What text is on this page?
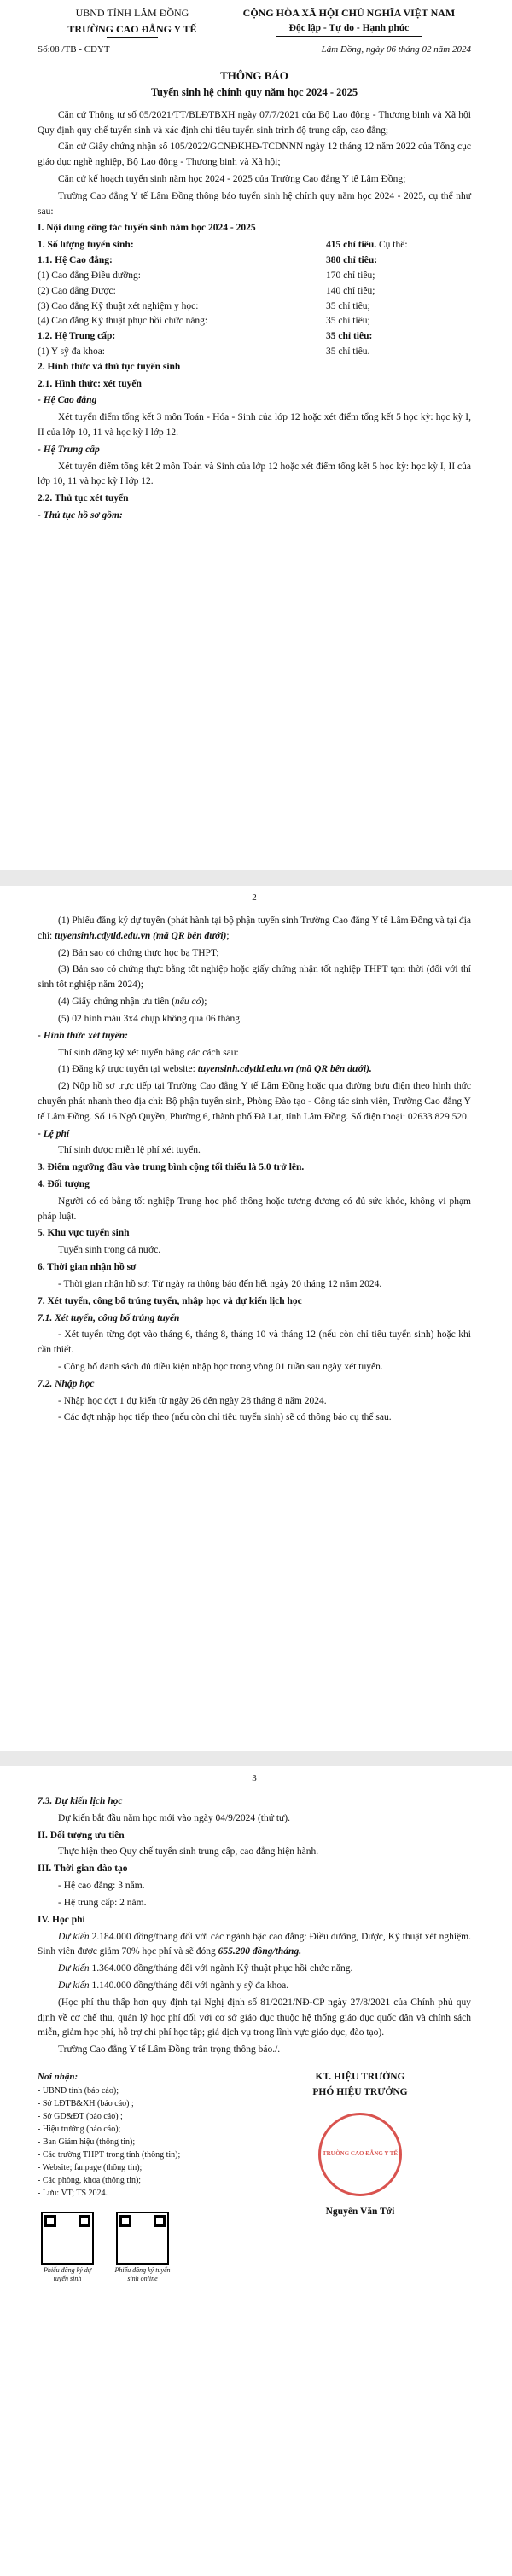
UBND TỈNH LÂM ĐỒNG
TRƯỜNG CAO ĐẲNG Y TẾ
CỘNG HÒA XÃ HỘI CHỦ NGHĨA VIỆT NAM
Độc lập - Tự do - Hạnh phúc
Số:08 /TB - CĐYT	Lâm Đồng, ngày 06 tháng 02 năm 2024
THÔNG BÁO
Tuyển sinh hệ chính quy năm học 2024 - 2025

Căn cứ Thông tư số 05/2021/TT/BLĐTBXH ngày 07/7/2021 của Bộ Lao động - Thương binh và Xã hội Quy định quy chế tuyển sinh và xác định chỉ tiêu tuyển sinh trình độ trung cấp, cao đẳng;

Căn cứ Giấy chứng nhận số 105/2022/GCNĐKHĐ-TCDNNN ngày 12 tháng 12 năm 2022 của Tổng cục giáo dục nghề nghiệp, Bộ Lao động - Thương binh và Xã hội;

Căn cứ kế hoạch tuyển sinh năm học 2024 - 2025 của Trường Cao đẳng Y tế Lâm Đồng;

Trường Cao đẳng Y tế Lâm Đồng thông báo tuyển sinh hệ chính quy năm học 2024 - 2025, cụ thể như sau:

I. Nội dung công tác tuyển sinh năm học 2024 - 2025

1. Số lượng tuyển sinh:	415 chỉ tiêu. Cụ thể:
1.1. Hệ Cao đẳng:	380 chỉ tiêu:
(1) Cao đẳng Điều dưỡng:	170 chỉ tiêu;
(2) Cao đẳng Dược:	140 chỉ tiêu;
(3) Cao đẳng Kỹ thuật xét nghiệm y học:	35 chỉ tiêu;
(4) Cao đẳng Kỹ thuật phục hồi chức năng:	35 chỉ tiêu;
1.2. Hệ Trung cấp:	35 chỉ tiêu:
(1) Y sỹ đa khoa:	35 chỉ tiêu.

2. Hình thức và thủ tục tuyển sinh

2.1. Hình thức: xét tuyển

- Hệ Cao đẳng

Xét tuyển điểm tổng kết 3 môn Toán - Hóa - Sinh của lớp 12 hoặc xét điểm tổng kết 5 học kỳ: học kỳ I, II của lớp 10, 11 và học kỳ I lớp 12.

- Hệ Trung cấp

Xét tuyển điểm tổng kết 2 môn Toán và Sinh của lớp 12 hoặc xét điểm tổng kết 5 học kỳ: học kỳ I, II của lớp 10, 11 và học kỳ I lớp 12.

2.2. Thủ tục xét tuyển

- Thủ tục hồ sơ gồm:

2

(1) Phiếu đăng ký dự tuyển (phát hành tại bộ phận tuyển sinh Trường Cao đẳng Y tế Lâm Đồng và tại địa chỉ: tuyensinh.cdytld.edu.vn (mã QR bên dưới);

(2) Bản sao có chứng thực học bạ THPT;

(3) Bản sao có chứng thực bằng tốt nghiệp hoặc giấy chứng nhận tốt nghiệp THPT tạm thời (đối với thí sinh tốt nghiệp năm 2024);

(4) Giấy chứng nhận ưu tiên (nếu có);

(5) 02 hình màu 3x4 chụp không quá 06 tháng.

- Hình thức xét tuyển:

Thí sinh đăng ký xét tuyển bằng các cách sau:

(1) Đăng ký trực tuyến tại website: tuyensinh.cdytld.edu.vn (mã QR bên dưới).

(2) Nộp hồ sơ trực tiếp tại Trường Cao đẳng Y tế Lâm Đồng hoặc qua đường bưu điện theo hình thức chuyển phát nhanh theo địa chỉ: Bộ phận tuyển sinh, Phòng Đào tạo - Công tác sinh viên, Trường Cao đẳng Y tế Lâm Đồng. Số 16 Ngô Quyền, Phường 6, thành phố Đà Lạt, tỉnh Lâm Đồng. Số điện thoại: 02633 829 520.

- Lệ phí

Thí sinh được miễn lệ phí xét tuyển.

3. Điểm ngưỡng đầu vào trung bình cộng tối thiểu là 5.0 trở lên.

4. Đối tượng

Người có có bằng tốt nghiệp Trung học phổ thông hoặc tương đương có đủ sức khỏe, không vi phạm pháp luật.

5. Khu vực tuyển sinh

Tuyển sinh trong cả nước.

6. Thời gian nhận hồ sơ

- Thời gian nhận hồ sơ: Từ ngày ra thông báo đến hết ngày 20 tháng 12 năm 2024.

7. Xét tuyển, công bố trúng tuyển, nhập học và dự kiến lịch học

7.1. Xét tuyển, công bố trúng tuyển

- Xét tuyển từng đợt vào tháng 6, tháng 8, tháng 10 và tháng 12 (nếu còn chỉ tiêu tuyển sinh) hoặc khi cần thiết.

- Công bố danh sách đủ điều kiện nhập học trong vòng 01 tuần sau ngày xét tuyển.

7.2. Nhập học

- Nhập học đợt 1 dự kiến từ ngày 26 đến ngày 28 tháng 8 năm 2024.

- Các đợt nhập học tiếp theo (nếu còn chỉ tiêu tuyển sinh) sẽ có thông báo cụ thể sau.

3

7.3. Dự kiến lịch học

Dự kiến bắt đầu năm học mới vào ngày 04/9/2024 (thứ tư).

II. Đối tượng ưu tiên

Thực hiện theo Quy chế tuyển sinh trung cấp, cao đẳng hiện hành.

III. Thời gian đào tạo

- Hệ cao đẳng: 3 năm.

- Hệ trung cấp: 2 năm.

IV. Học phí

Dự kiến 2.184.000 đồng/tháng đối với các ngành bậc cao đẳng: Điều dưỡng, Dược, Kỹ thuật xét nghiệm. Sinh viên được giảm 70% học phí và sẽ đóng 655.200 đồng/tháng.

Dự kiến 1.364.000 đồng/tháng đối với ngành Kỹ thuật phục hồi chức năng.

Dự kiến 1.140.000 đồng/tháng đối với ngành y sỹ đa khoa.

(Học phí thu thấp hơn quy định tại Nghị định số 81/2021/NĐ-CP ngày 27/8/2021 của Chính phủ quy định về cơ chế thu, quản lý học phí đối với cơ sở giáo dục thuộc hệ thống giáo dục quốc dân và chính sách miễn, giảm học phí, hỗ trợ chi phí học tập; giá dịch vụ trong lĩnh vực giáo dục, đào tạo).

Trường Cao đẳng Y tế Lâm Đồng trân trọng thông báo./.

Nơi nhận:
- UBND tỉnh (báo cáo);
- Sở LĐTB&XH (báo cáo) ;
- Sở GD&ĐT (báo cáo) ;
- Hiệu trưởng (báo cáo);
- Ban Giám hiệu (thông tin);
- Các trường THPT trong tỉnh (thông tin);
- Website; fanpage (thông tin);
- Các phòng, khoa (thông tin);
- Lưu: VT; TS 2024.
Phiếu đăng ký dự tuyển sinh
Phiếu đăng ký tuyển sinh online
KT. HIỆU TRƯỞNG
PHÓ HIỆU TRƯỞNG
TRƯỜNG CAO ĐẲNG Y TẾ
Nguyễn Văn Tới
